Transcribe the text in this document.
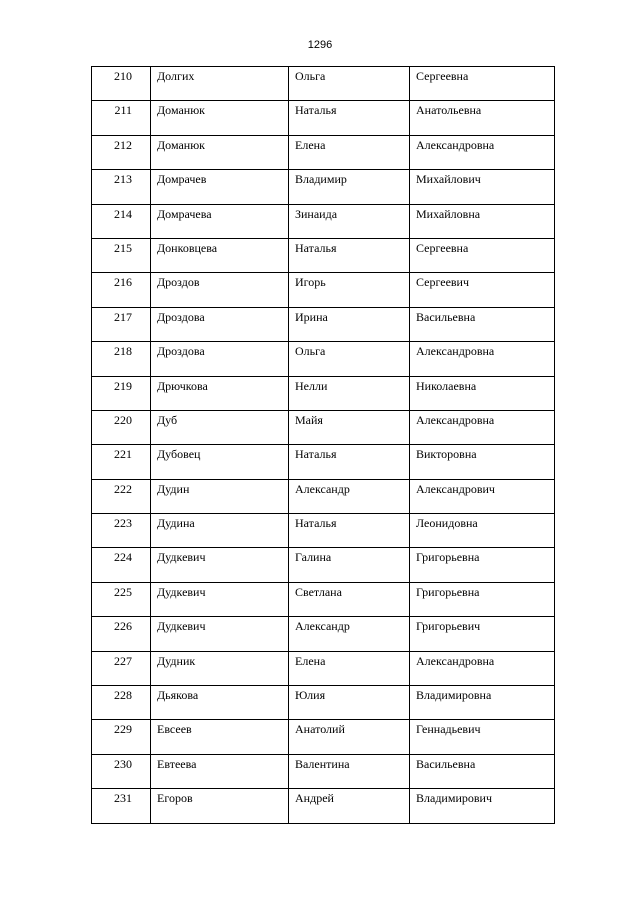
1296
210	Долгих	Ольга	Сергеевна

211	Доманюк	Наталья	Анатольевна

212	Доманюк	Елена	Александровна

213	Домрачев	Владимир	Михайлович

214	Домрачева	Зинаида	Михайловна

215	Донковцева	Наталья	Сергеевна

216	Дроздов	Игорь	Сергеевич

217	Дроздова	Ирина	Васильевна

218	Дроздова	Ольга	Александровна

219	Дрючкова	Нелли	Николаевна

220	Дуб	Майя	Александровна

221	Дубовец	Наталья	Викторовна

222	Дудин	Александр	Александрович

223	Дудина	Наталья	Леонидовна

224	Дудкевич	Галина	Григорьевна

225	Дудкевич	Светлана	Григорьевна

226	Дудкевич	Александр	Григорьевич

227	Дудник	Елена	Александровна

228	Дьякова	Юлия	Владимировна

229	Евсеев	Анатолий	Геннадьевич

230	Евтеева	Валентина	Васильевна

231	Егоров	Андрей	Владимирович
